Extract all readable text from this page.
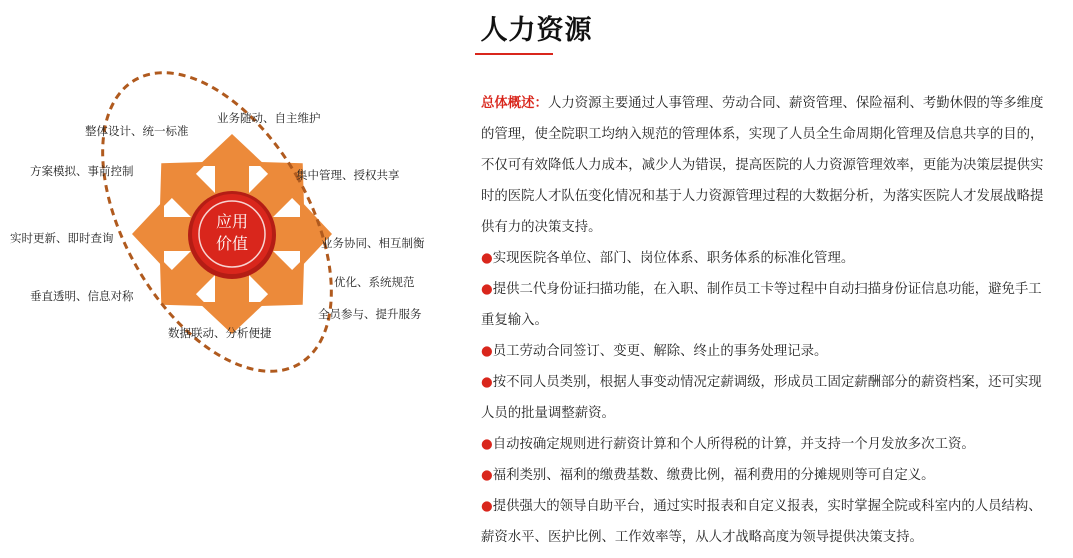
人力资源
应用
价值
业务随动、自主维护
整体设计、统一标准
方案模拟、事前控制	集中管理、授权共享
实时更新、即时查询	业务协同、相互制衡
优化、系统规范
垂直透明、信息对称
全员参与、提升服务
数据联动、分析便捷

总体概述：人力资源主要通过人事管理、劳动合同、薪资管理、保险福利、考勤休假的等多维度的管理，使全院职工均纳入规范的管理体系，实现了人员全生命周期化管理及信息共享的目的，不仅可有效降低人力成本，减少人为错误，提高医院的人力资源管理效率，更能为决策层提供实时的医院人才队伍变化情况和基于人力资源管理过程的大数据分析，为落实医院人才发展战略提供有力的决策支持。

●实现医院各单位、部门、岗位体系、职务体系的标准化管理。

●提供二代身份证扫描功能，在入职、制作员工卡等过程中自动扫描身份证信息功能，避免手工重复输入。

●员工劳动合同签订、变更、解除、终止的事务处理记录。

●按不同人员类别，根据人事变动情况定薪调级，形成员工固定薪酬部分的薪资档案，还可实现人员的批量调整薪资。

●自动按确定规则进行薪资计算和个人所得税的计算，并支持一个月发放多次工资。

●福利类别、福利的缴费基数、缴费比例，福利费用的分摊规则等可自定义。

●提供强大的领导自助平台，通过实时报表和自定义报表，实时掌握全院或科室内的人员结构、薪资水平、医护比例、工作效率等，从人才战略高度为领导提供决策支持。
